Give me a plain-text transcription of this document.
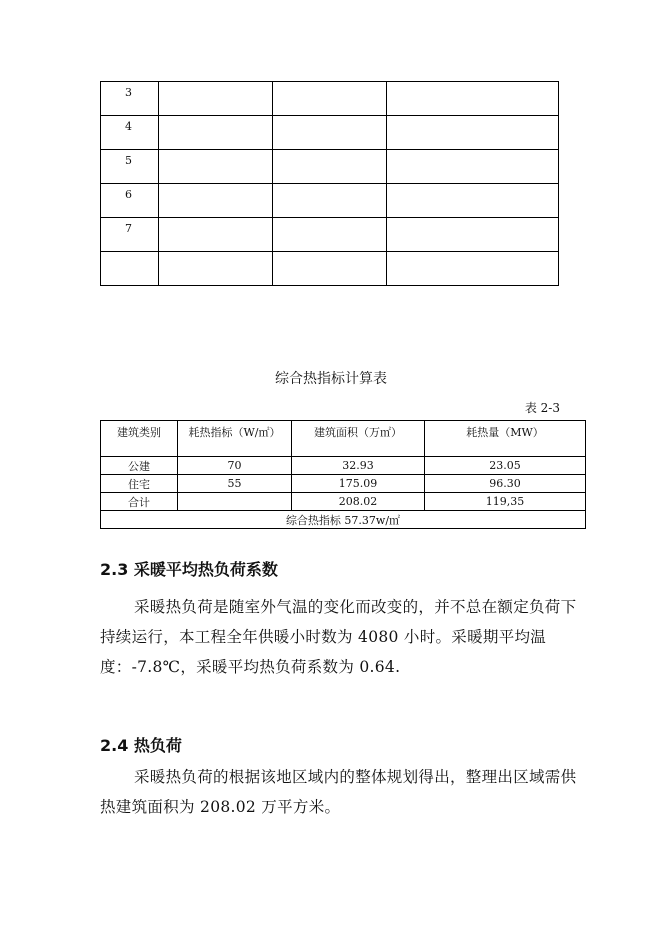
3			
4			
5			
6			
7			

综合热指标计算表
表 2-3
建筑类别	耗热指标（W/㎡）	建筑面积（万㎡）	耗热量（MW）
公建	70	32.93	23.05
住宅	55	175.09	96.30
合计		208.02	119,35
综合热指标 57.37w/㎡			
2.3 采暖平均热负荷系数

采暖热负荷是随室外气温的变化而改变的，并不总在额定负荷下持续运行，本工程全年供暖小时数为 4080 小时。采暖期平均温度：-7.8℃，采暖平均热负荷系数为 0.64.

2.4 热负荷

采暖热负荷的根据该地区域内的整体规划得出，整理出区域需供热建筑面积为 208.02 万平方米。
